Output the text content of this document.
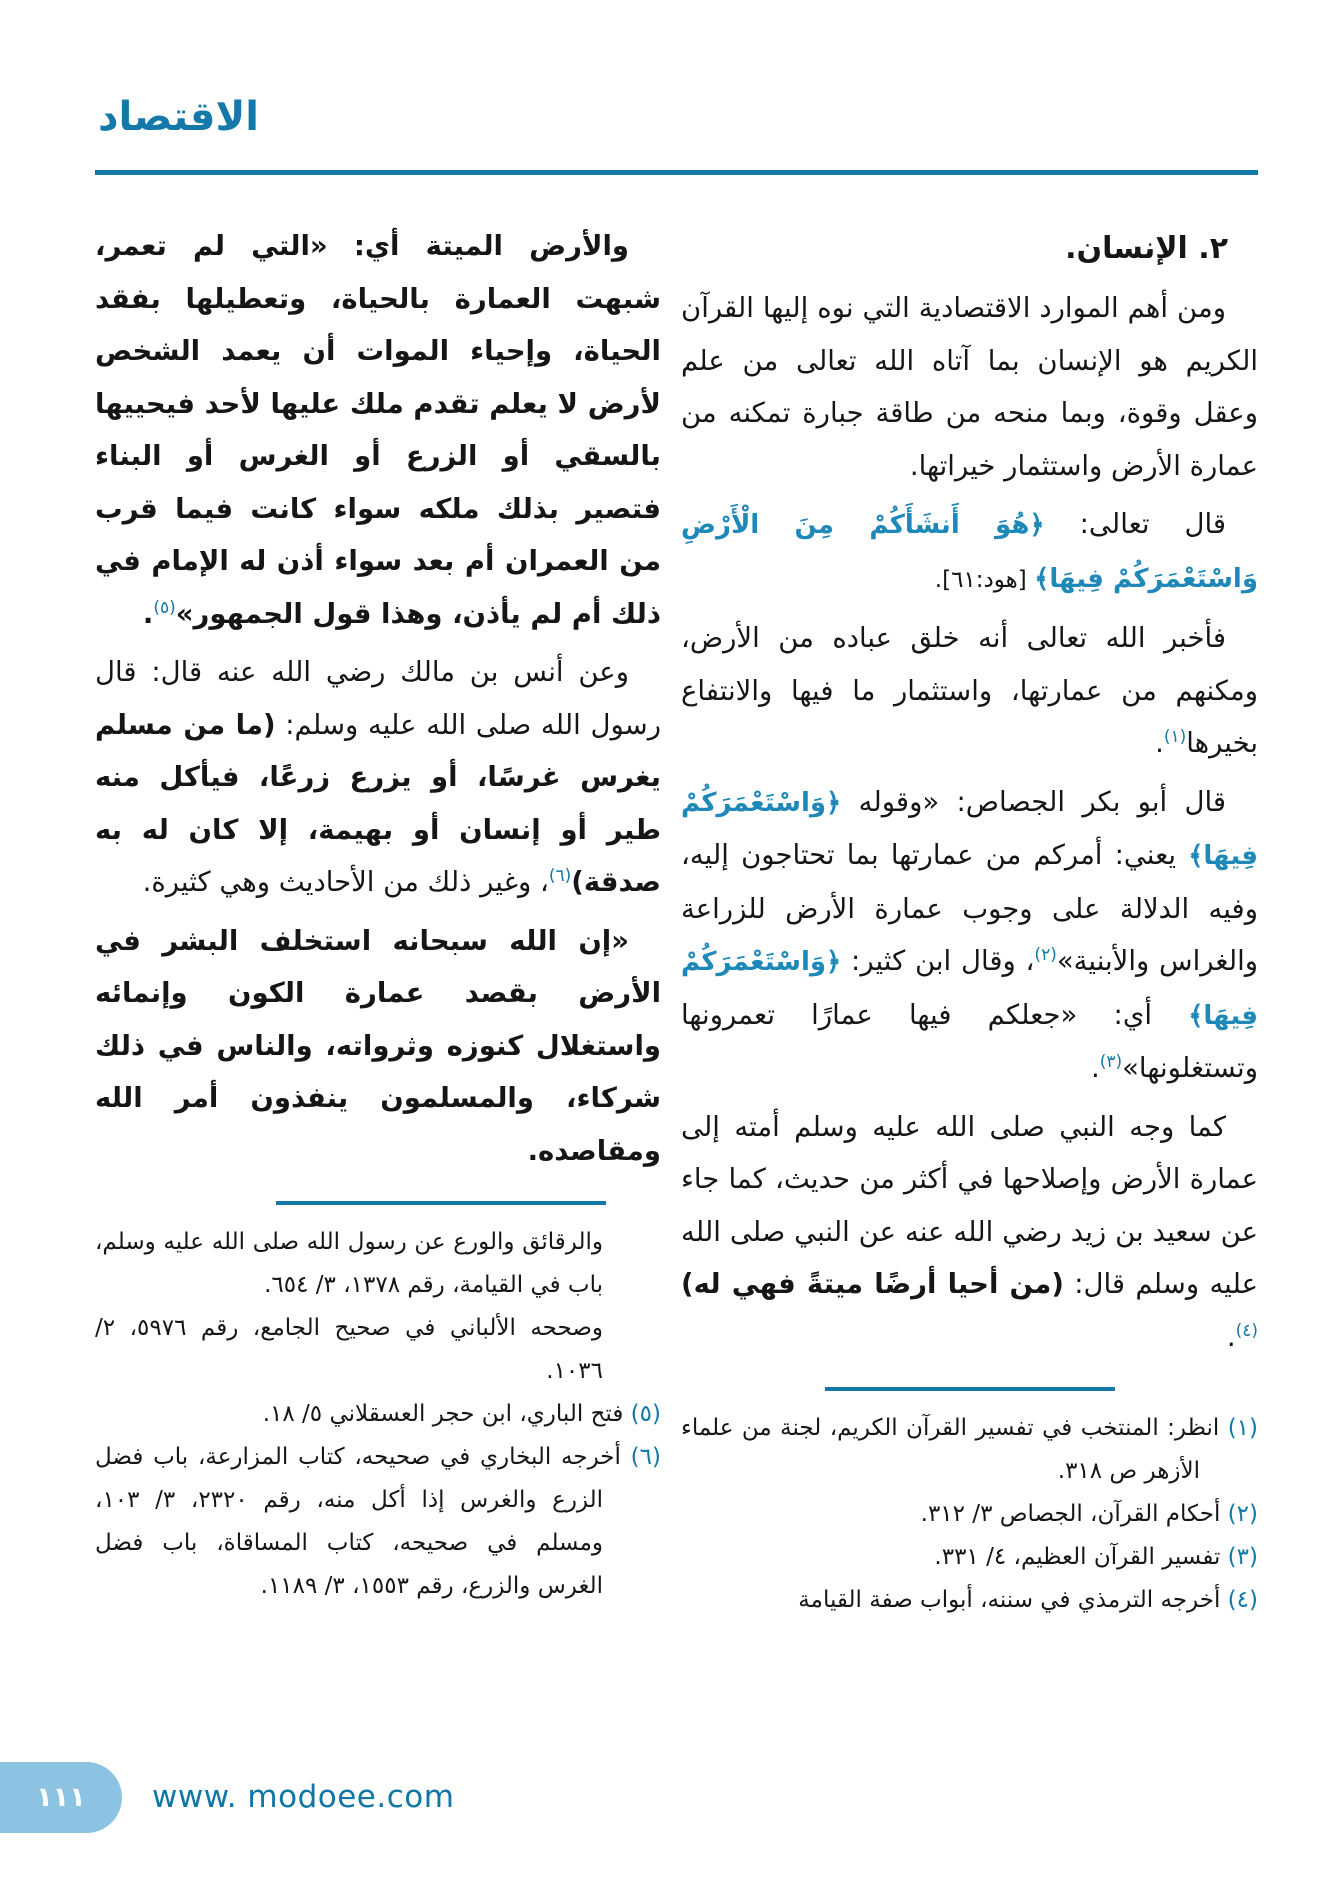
الاقتصاد
٢. الإنسان.

ومن أهم الموارد الاقتصادية التي نوه إليها القرآن الكريم هو الإنسان بما آتاه الله تعالى من علم وعقل وقوة، وبما منحه من طاقة جبارة تمكنه من عمارة الأرض واستثمار خيراتها.

قال تعالى: ﴿هُوَ أَنشَأَكُمْ مِنَ الْأَرْضِ وَاسْتَعْمَرَكُمْ فِيهَا﴾ [هود:٦١].

فأخبر الله تعالى أنه خلق عباده من الأرض، ومكنهم من عمارتها، واستثمار ما فيها والانتفاع بخيرها$^{(١)}$.

قال أبو بكر الجصاص: «وقوله ﴿وَاسْتَعْمَرَكُمْ فِيهَا﴾ يعني: أمركم من عمارتها بما تحتاجون إليه، وفيه الدلالة على وجوب عمارة الأرض للزراعة والغراس والأبنية»$^{(٢)}$، وقال ابن كثير: ﴿وَاسْتَعْمَرَكُمْ فِيهَا﴾ أي: «جعلكم فيها عمارًا تعمرونها وتستغلونها»$^{(٣)}$.

كما وجه النبي صلى الله عليه وسلم أمته إلى عمارة الأرض وإصلاحها في أكثر من حديث، كما جاء عن سعيد بن زيد رضي الله عنه عن النبي صلى الله عليه وسلم قال: (من أحيا أرضًا ميتةً فهي له)$^{(٤)}$.

(١) انظر: المنتخب في تفسير القرآن الكريم، لجنة من علماء الأزهر ص ٣١٨.
(٢) أحكام القرآن، الجصاص ٣/ ٣١٢.
(٣) تفسير القرآن العظيم، ٤/ ٣٣١.
(٤) أخرجه الترمذي في سننه، أبواب صفة القيامة

والأرض الميتة أي: «التي لم تعمر، شبهت العمارة بالحياة، وتعطيلها بفقد الحياة، وإحياء الموات أن يعمد الشخص لأرض لا يعلم تقدم ملك عليها لأحد فيحييها بالسقي أو الزرع أو الغرس أو البناء فتصير بذلك ملكه سواء كانت فيما قرب من العمران أم بعد سواء أذن له الإمام في ذلك أم لم يأذن، وهذا قول الجمهور»$^{(٥)}$.

وعن أنس بن مالك رضي الله عنه قال: قال رسول الله صلى الله عليه وسلم: (ما من مسلم يغرس غرسًا، أو يزرع زرعًا، فيأكل منه طير أو إنسان أو بهيمة، إلا كان له به صدقة)$^{(٦)}$، وغير ذلك من الأحاديث وهي كثيرة.

«إن الله سبحانه استخلف البشر في الأرض بقصد عمارة الكون وإنمائه واستغلال كنوزه وثرواته، والناس في ذلك شركاء، والمسلمون ينفذون أمر الله ومقاصده.

والرقائق والورع عن رسول الله صلى الله عليه وسلم، باب في القيامة، رقم ١٣٧٨، ٣/ ٦٥٤.
وصححه الألباني في صحيح الجامع، رقم ٥٩٧٦، ٢/ ١٠٣٦.
(٥) فتح الباري، ابن حجر العسقلاني ٥/ ١٨.
(٦) أخرجه البخاري في صحيحه، كتاب المزارعة، باب فضل الزرع والغرس إذا أكل منه، رقم ٢٣٢٠، ٣/ ١٠٣، ومسلم في صحيحه، كتاب المساقاة، باب فضل الغرس والزرع، رقم ١٥٥٣، ٣/ ١١٨٩.
١١١ www. modoee.com
